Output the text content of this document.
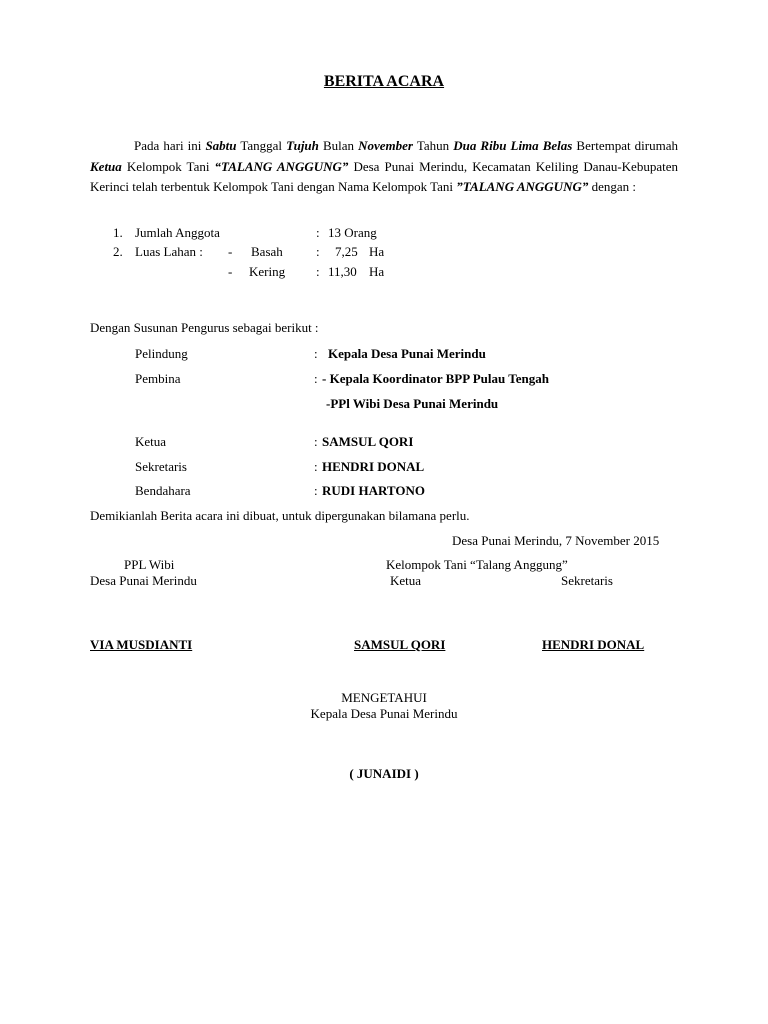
BERITA ACARA
Pada hari ini Sabtu Tanggal Tujuh Bulan November Tahun Dua Ribu Lima Belas Bertempat dirumah Ketua Kelompok Tani “TALANG ANGGUNG” Desa Punai Merindu, Kecamatan Keliling Danau-Kebupaten Kerinci telah terbentuk Kelompok Tani dengan Nama Kelompok Tani ”TALANG ANGGUNG” dengan :
1. Jumlah Anggota	: 13 Orang
2. Luas Lahan : - Basah	: 7,25 Ha
- Kering : 11,30 Ha
Dengan Susunan Pengurus sebagai berikut :
Pelindung	: Kepala Desa Punai Merindu
Pembina	: - Kepala Koordinator BPP Pulau Tengah
-PPl Wibi Desa Punai Merindu
Ketua	: SAMSUL QORI
Sekretaris	: HENDRI DONAL
Bendahara	: RUDI HARTONO
Demikianlah Berita acara ini dibuat, untuk dipergunakan bilamana perlu.
Desa Punai Merindu, 7 November 2015
PPL Wibi
Desa Punai Merindu
Kelompok Tani “Talang Anggung”
Ketua	Sekretaris
VIA MUSDIANTI	SAMSUL QORI	HENDRI DONAL
MENGETAHUI
Kepala Desa Punai Merindu
( JUNAIDI )
